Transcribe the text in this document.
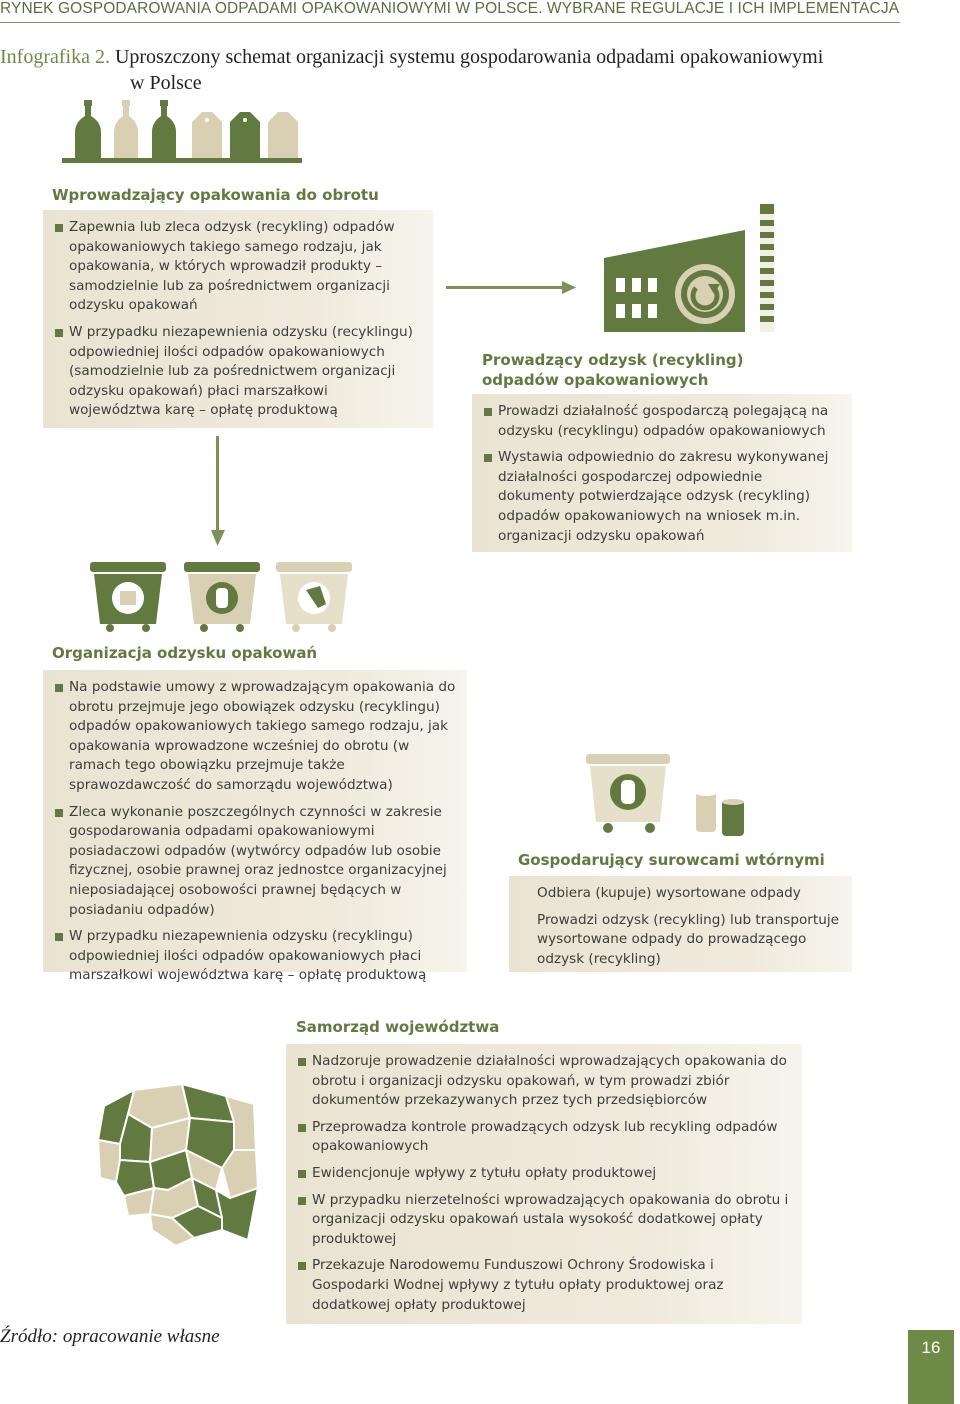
RYNEK GOSPODAROWANIA ODPADAMI OPAKOWANIOWYMI W POLSCE. WYBRANE REGULACJE I ICH IMPLEMENTACJA
Infografika 2. Uproszczony schemat organizacji systemu gospodarowania odpadami opakowaniowymi
w Polsce
Wprowadzający opakowania do obrotu
Zapewnia lub zleca odzysk (recykling) odpadów opakowaniowych takiego samego rodzaju, jak opakowania, w których wprowadził produkty – samodzielnie lub za pośrednictwem organizacji odzysku opakowań
W przypadku niezapewnienia odzysku (recyklingu) odpowiedniej ilości odpadów opakowaniowych (samodzielnie lub za pośrednictwem organizacji odzysku opakowań) płaci marszałkowi województwa karę – opłatę produktową
Prowadzący odzysk (recykling)
odpadów opakowaniowych
Prowadzi działalność gospodarczą polegającą na odzysku (recyklingu) odpadów opakowaniowych
Wystawia odpowiednio do zakresu wykonywanej działalności gospodarczej odpowiednie dokumenty potwierdzające odzysk (recykling) odpadów opakowaniowych na wniosek m.in. organizacji odzysku opakowań
Organizacja odzysku opakowań
Na podstawie umowy z wprowadzającym opakowania do obrotu przejmuje jego obowiązek odzysku (recyklingu) odpadów opakowaniowych takiego samego rodzaju, jak opakowania wprowadzone wcześniej do obrotu (w ramach tego obowiązku przejmuje także sprawozdawczość do samorządu województwa)
Zleca wykonanie poszczególnych czynności w zakresie gospodarowania odpadami opakowaniowymi posiadaczowi odpadów (wytwórcy odpadów lub osobie fizycznej, osobie prawnej oraz jednostce organizacyjnej nieposiadającej osobowości prawnej będących w posiadaniu odpadów)
W przypadku niezapewnienia odzysku (recyklingu) odpowiedniej ilości odpadów opakowaniowych płaci marszałkowi województwa karę – opłatę produktową
Gospodarujący surowcami wtórnymi
Odbiera (kupuje) wysortowane odpady
Prowadzi odzysk (recykling) lub transportuje wysortowane odpady do prowadzącego odzysk (recykling)
Samorząd województwa
Nadzoruje prowadzenie działalności wprowadzających opakowania do obrotu i organizacji odzysku opakowań, w tym prowadzi zbiór dokumentów przekazywanych przez tych przedsiębiorców
Przeprowadza kontrole prowadzących odzysk lub recykling odpadów opakowaniowych
Ewidencjonuje wpływy z tytułu opłaty produktowej
W przypadku nierzetelności wprowadzających opakowania do obrotu i organizacji odzysku opakowań ustala wysokość dodatkowej opłaty produktowej
Przekazuje Narodowemu Funduszowi Ochrony Środowiska i Gospodarki Wodnej wpływy z tytułu opłaty produktowej oraz dodatkowej opłaty produktowej
Źródło: opracowanie własne
16
